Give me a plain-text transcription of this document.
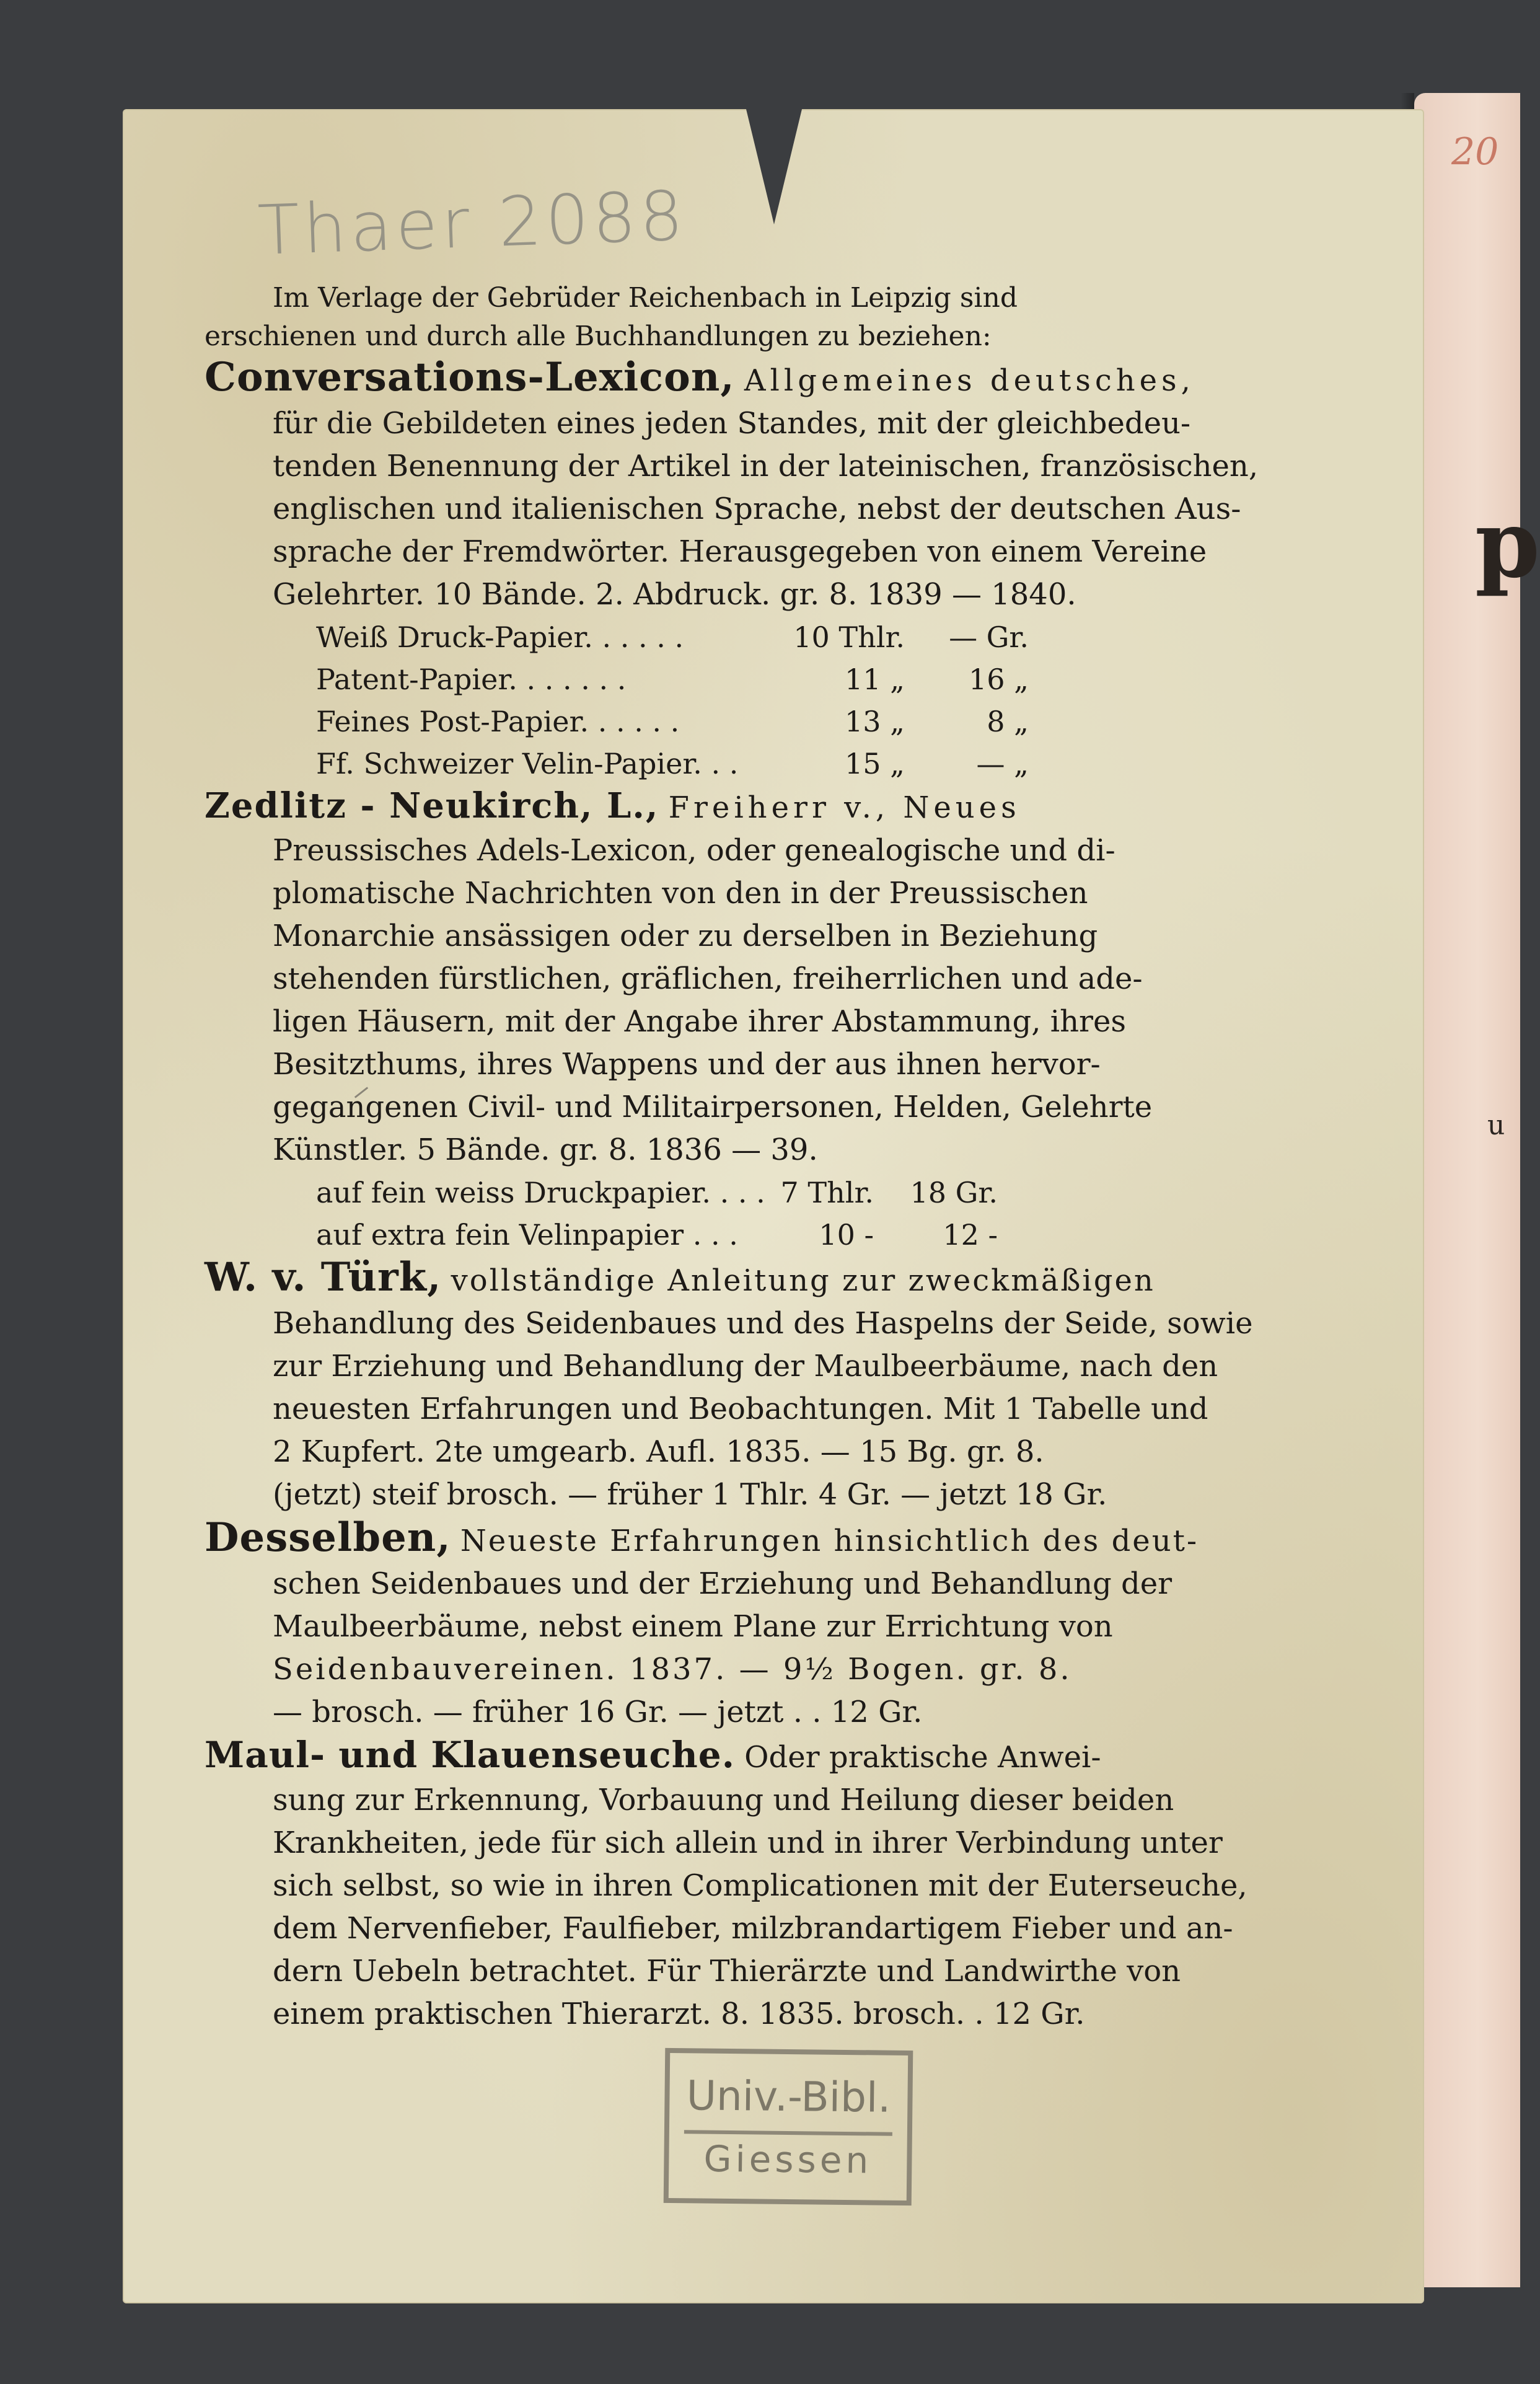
20
p
u
Thaer 2088
Im Verlage der Gebrüder Reichenbach in Leipzig sind
erschienen und durch alle Buchhandlungen zu beziehen:
Conversations-Lexicon, Allgemeines deutsches,
für die Gebildeten eines jeden Standes, mit der gleichbedeu-
tenden Benennung der Artikel in der lateinischen, französischen,
englischen und italienischen Sprache, nebst der deutschen Aus-
sprache der Fremdwörter. Herausgegeben von einem Vereine
Gelehrter. 10 Bände. 2. Abdruck. gr. 8. 1839 — 1840.
Weiß Druck-Papier. . . . . .	10 Thlr.	— Gr.
Patent-Papier. . . . . . .	11 „	16 „
Feines Post-Papier. . . . . .	13 „	8 „
Ff. Schweizer Velin-Papier. . .	15 „	— „
Zedlitz - Neukirch, L., Freiherr v., Neues
Preussisches Adels-Lexicon, oder genealogische und di-
plomatische Nachrichten von den in der Preussischen
Monarchie ansässigen oder zu derselben in Beziehung
stehenden fürstlichen, gräflichen, freiherrlichen und ade-
ligen Häusern, mit der Angabe ihrer Abstammung, ihres
Besitzthums, ihres Wappens und der aus ihnen hervor-
gegangenen Civil- und Militairpersonen, Helden, Gelehrte
Künstler. 5 Bände. gr. 8. 1836 — 39.
auf fein weiss Druckpapier. . . . 7 Thlr.	18 Gr.
auf extra fein Velinpapier . . .	10 -	12 -
W. v. Türk, vollständige Anleitung zur zweckmäßigen
Behandlung des Seidenbaues und des Haspelns der Seide, sowie
zur Erziehung und Behandlung der Maulbeerbäume, nach den
neuesten Erfahrungen und Beobachtungen. Mit 1 Tabelle und
2 Kupfert. 2te umgearb. Aufl. 1835. — 15 Bg. gr. 8.
(jetzt) steif brosch. — früher 1 Thlr. 4 Gr. — jetzt 18 Gr.
Desselben, Neueste Erfahrungen hinsichtlich des deut-
schen Seidenbaues und der Erziehung und Behandlung der
Maulbeerbäume, nebst einem Plane zur Errichtung von
Seidenbauvereinen. 1837. — 9½ Bogen. gr. 8.
— brosch. — früher 16 Gr. — jetzt . . 12 Gr.
Maul- und Klauenseuche. Oder praktische Anwei-
sung zur Erkennung, Vorbauung und Heilung dieser beiden
Krankheiten, jede für sich allein und in ihrer Verbindung unter
sich selbst, so wie in ihren Complicationen mit der Euterseuche,
dem Nervenfieber, Faulfieber, milzbrandartigem Fieber und an-
dern Uebeln betrachtet. Für Thierärzte und Landwirthe von
einem praktischen Thierarzt. 8. 1835. brosch. . 12 Gr.
Univ.-Bibl.
Giessen
